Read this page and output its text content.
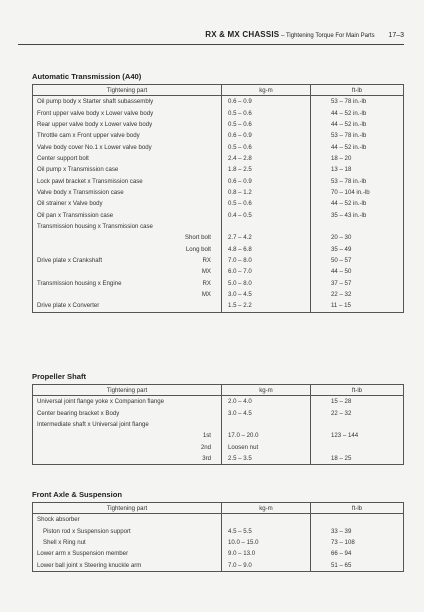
RX & MX CHASSIS – Tightening Torque For Main Parts 17–3
Automatic Transmission (A40)
Tightening part	kg-m	ft-lb
Oil pump body x Starter shaft subassembly	0.6 – 0.9	53 – 78 in.-lb
Front upper valve body x Lower valve body	0.5 – 0.6	44 – 52 in.-lb
Rear upper valve body x Lower valve body	0.5 – 0.6	44 – 52 in.-lb
Throttle cam x Front upper valve body	0.6 – 0.9	53 – 78 in.-lb
Valve body cover No.1 x Lower valve body	0.5 – 0.6	44 – 52 in.-lb
Center support bolt	2.4 – 2.8	18 – 20
Oil pump x Transmission case	1.8 – 2.5	13 – 18
Lock pawl bracket x Transmission case	0.6 – 0.9	53 – 78 in.-lb
Valve body x Transmission case	0.8 – 1.2	70 – 104 in.-lb
Oil strainer x Valve body	0.5 – 0.6	44 – 52 in.-lb
Oil pan x Transmission case	0.4 – 0.5	35 – 43 in.-lb
Transmission housing x Transmission case		
Short bolt	2.7 – 4.2	20 – 30
Long bolt	4.8 – 6.8	35 – 49
Drive plate x Crankshaft RX	7.0 – 8.0	50 – 57
MX	6.0 – 7.0	44 – 50
Transmission housing x Engine RX	5.0 – 8.0	37 – 57
MX	3.0 – 4.5	22 – 32
Drive plate x Converter	1.5 – 2.2	11 – 15
Propeller Shaft
Tightening part	kg-m	ft-lb
Universal joint flange yoke x Companion flange	2.0 – 4.0	15 – 28
Center bearing bracket x Body	3.0 – 4.5	22 – 32
Intermediate shaft x Universal joint flange		
1st	17.0 – 20.0	123 – 144
2nd	Loosen nut	
3rd	2.5 – 3.5	18 – 25
Front Axle & Suspension
Tightening part	kg-m	ft-lb
Shock absorber		
Piston rod x Suspension support	4.5 – 5.5	33 – 39
Shell x Ring nut	10.0 – 15.0	73 – 108
Lower arm x Suspension member	9.0 – 13.0	66 – 94
Lower ball joint x Steering knuckle arm	7.0 – 9.0	51 – 65
